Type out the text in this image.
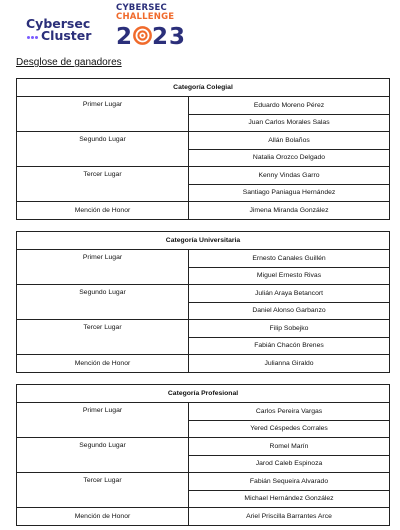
Cybersec
Cluster
CYBERSEC
CHALLENGE
2 23
Desglose de ganadores
Categoría Colegial	
Primer Lugar	Eduardo Moreno Pérez
	Juan Carlos Morales Salas
Segundo Lugar	Allán Bolaños
	Natalia Orozco Delgado
Tercer Lugar	Kenny Vindas Garro
	Santiago Paniagua Hernández
Mención de Honor	Jimena Miranda González
Categoría Universitaria	
Primer Lugar	Ernesto Canales Guillén
	Miguel Ernesto Rivas
Segundo Lugar	Julián Araya Betancort
	Daniel Alonso Garbanzo
Tercer Lugar	Filip Sobejko
	Fabián Chacón Brenes
Mención de Honor	Julianna Giraldo
Categoría Profesional	
Primer Lugar	Carlos Pereira Vargas
	Yered Céspedes Corrales
Segundo Lugar	Romel Marín
	Jarod Caleb Espinoza
Tercer Lugar	Fabián Sequeira Alvarado
	Michael Hernández González
Mención de Honor	Ariel Priscilla Barrantes Arce
